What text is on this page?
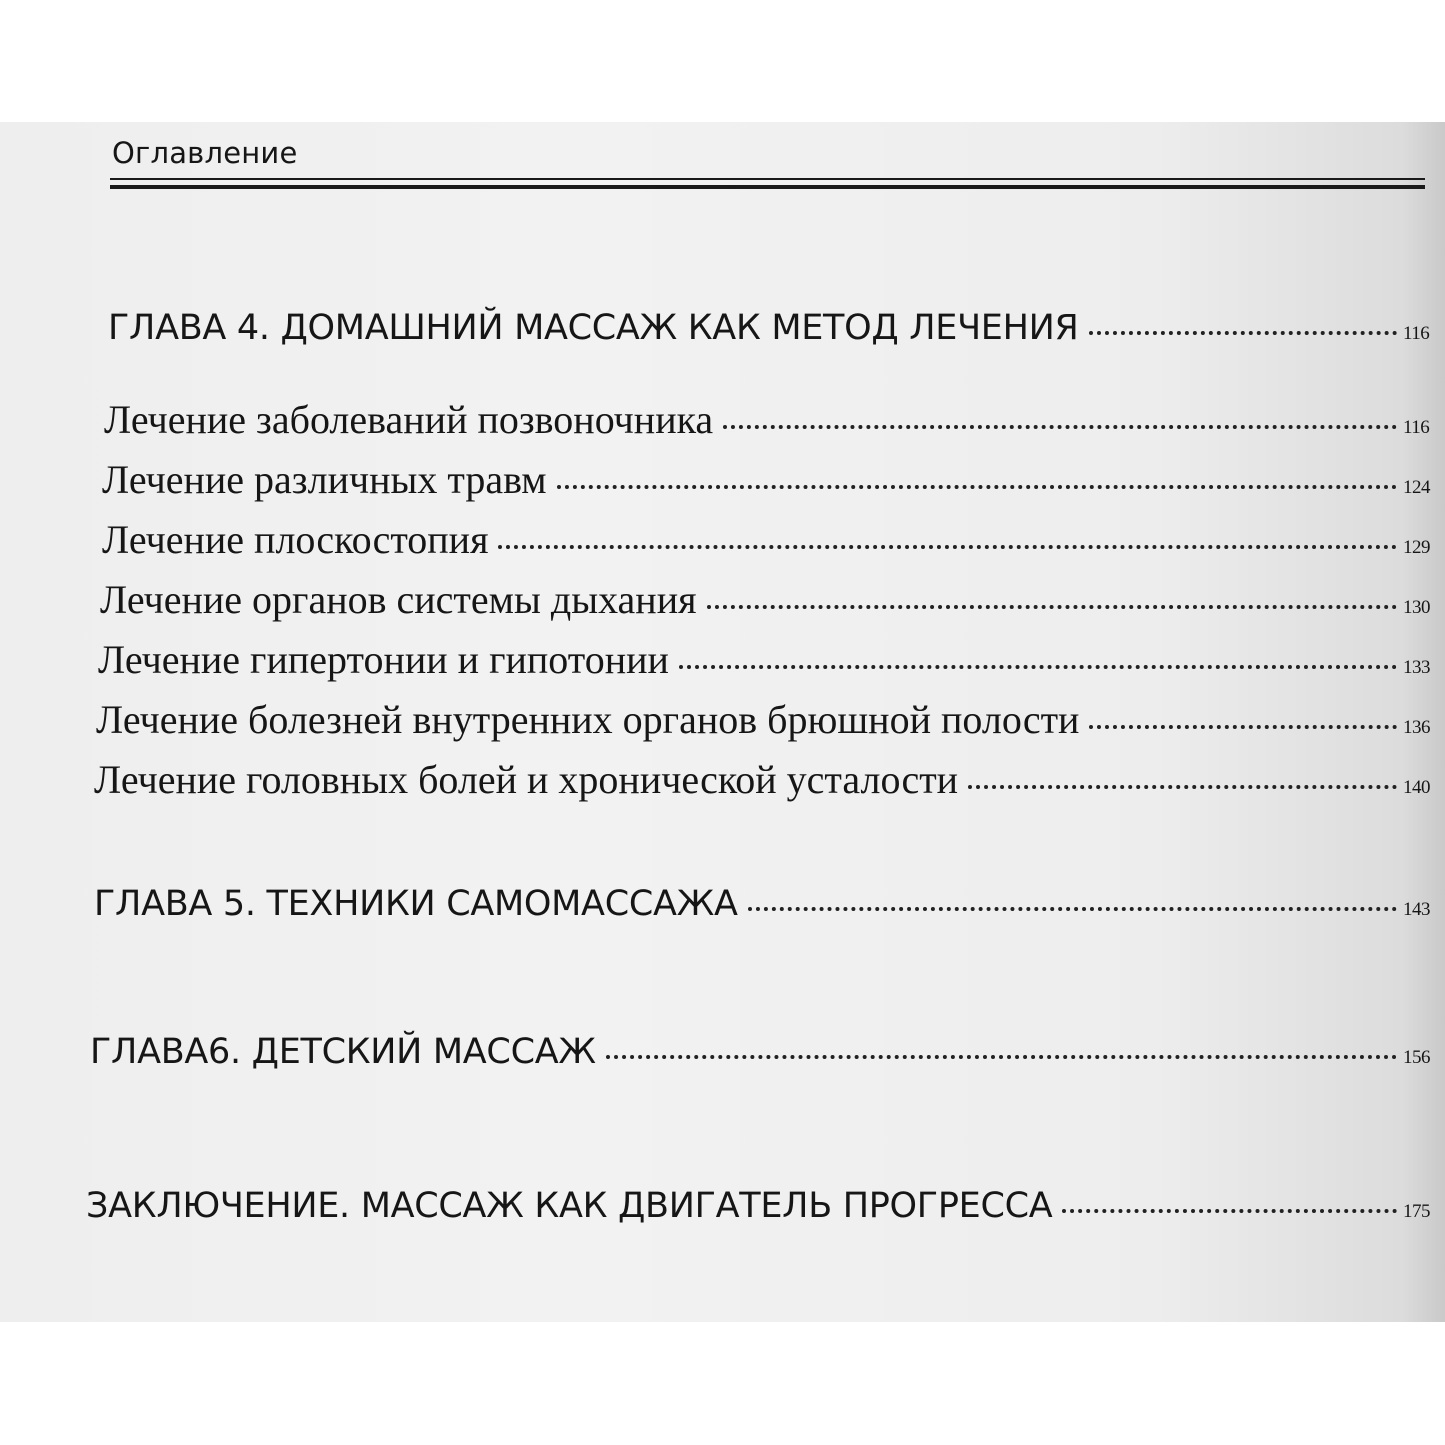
Оглавление
ГЛАВА 4. ДОМАШНИЙ МАССАЖ КАК МЕТОД ЛЕЧЕНИЯ	116
Лечение заболеваний позвоночника	116
Лечение различных травм	124
Лечение плоскостопия	129
Лечение органов системы дыхания	130
Лечение гипертонии и гипотонии	133
Лечение болезней внутренних органов брюшной полости	136
Лечение головных болей и хронической усталости	140
ГЛАВА 5. ТЕХНИКИ САМОМАССАЖА	143
ГЛАВА6. ДЕТСКИЙ МАССАЖ	156
ЗАКЛЮЧЕНИЕ. МАССАЖ КАК ДВИГАТЕЛЬ ПРОГРЕССА	175
